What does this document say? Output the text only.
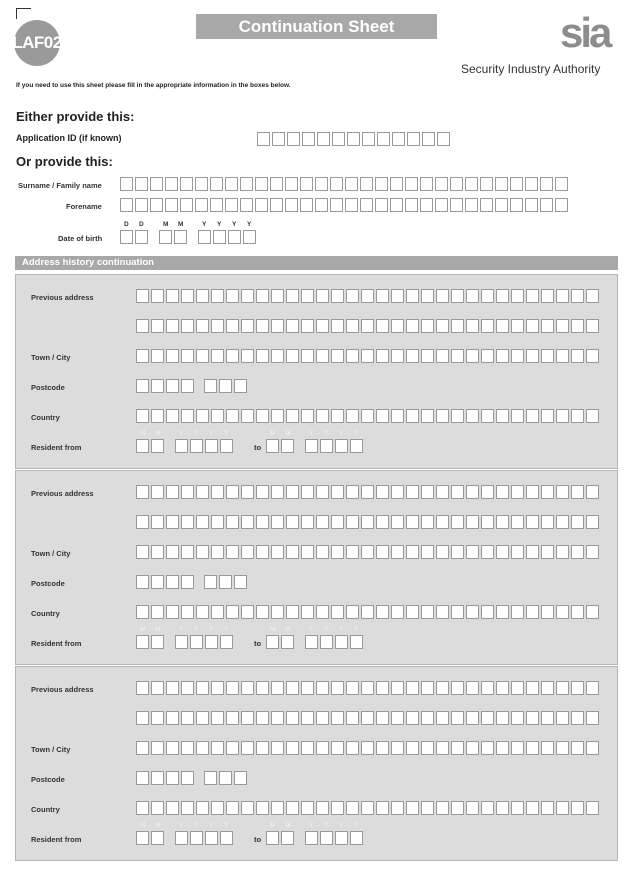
LAF02
Continuation Sheet	sia
Security Industry Authority
If you need to use this sheet please fill in the appropriate information in the boxes below.
Either provide this:
Application ID (if known)
Or provide this:
Surname / Family name
Forename
Date of birth
D D	M M	Y Y Y Y
Address history continuation
Previous address
Town / City
Postcode
Country
Resident from
M M	Y Y Y Y
to
M M	Y Y Y Y
Previous address
Town / City
Postcode
Country
Resident from
M M	Y Y Y Y
to
M M	Y Y Y Y
Previous address
Town / City
Postcode
Country
Resident from
M M	Y Y Y Y
to
M M	Y Y Y Y
